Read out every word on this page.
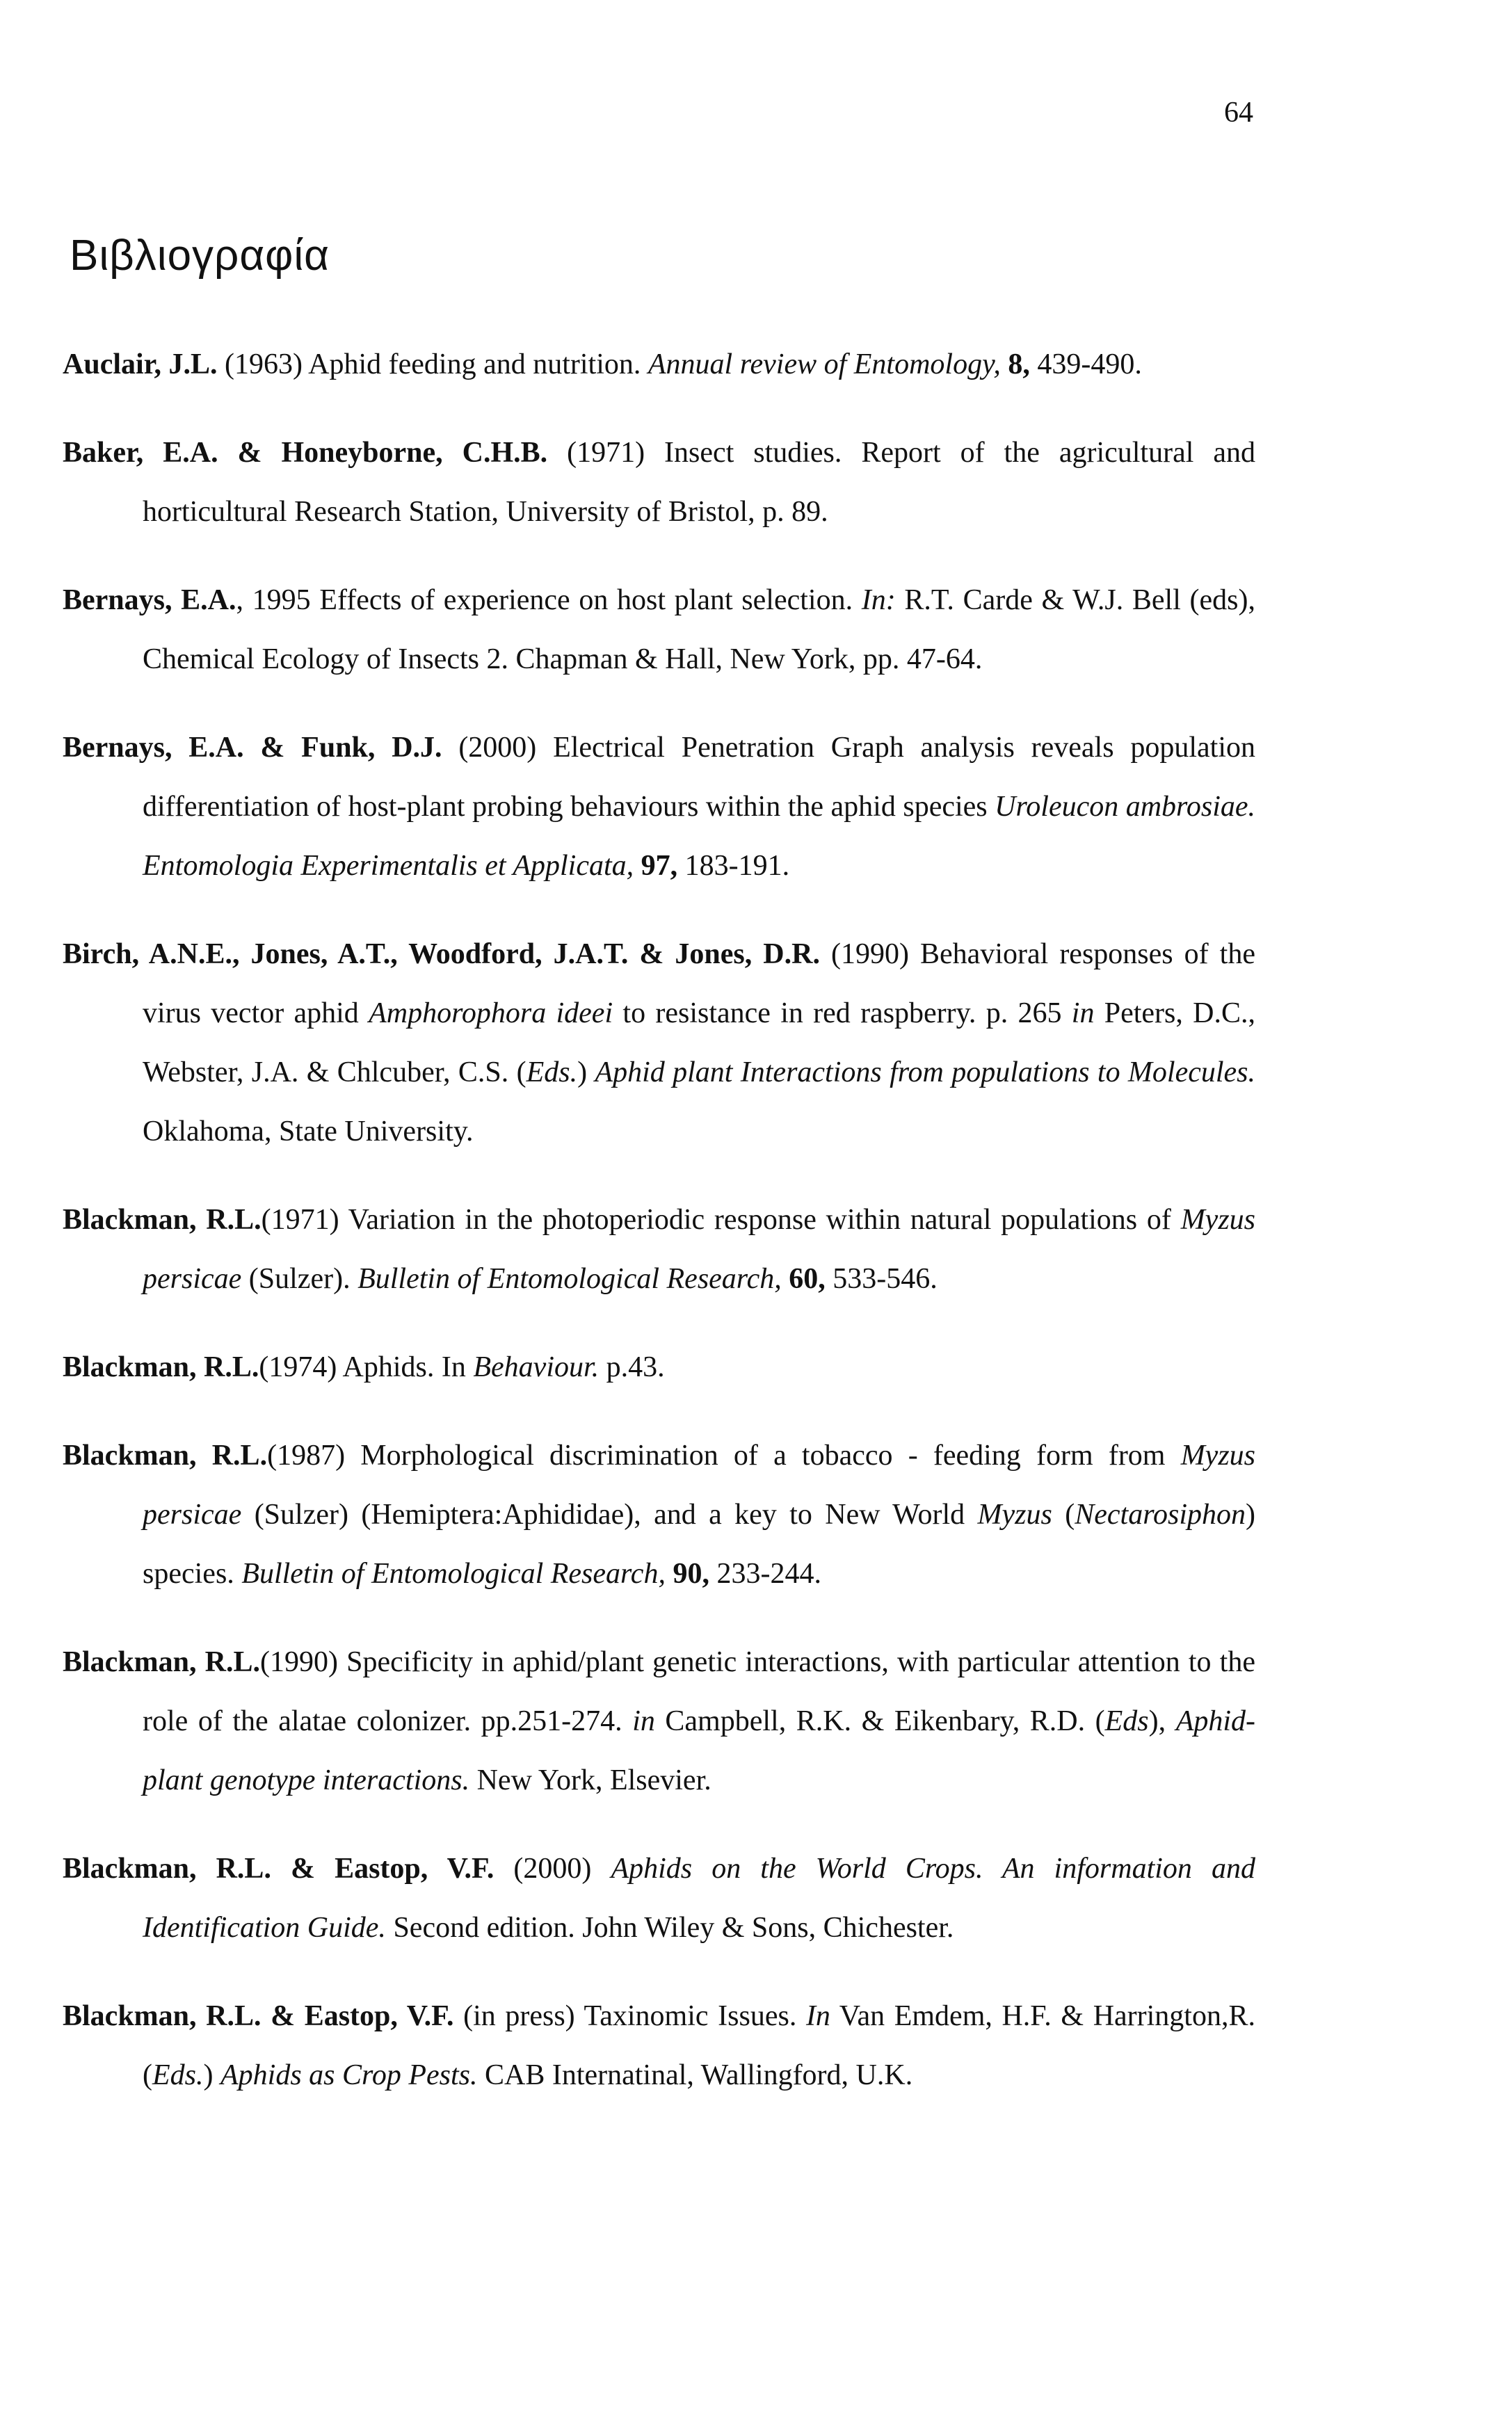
64
Βιβλιογραφία

Auclair, J.L. (1963) Aphid feeding and nutrition. Annual review of Entomology, 8, 439-490.

Baker, E.A. & Honeyborne, C.H.B. (1971) Insect studies. Report of the agricultural and horticultural Research Station, University of Bristol, p. 89.

Bernays, E.A., 1995 Effects of experience on host plant selection. In: R.T. Carde & W.J. Bell (eds), Chemical Ecology of Insects 2. Chapman & Hall, New York, pp. 47-64.

Bernays, E.A. & Funk, D.J. (2000) Electrical Penetration Graph analysis reveals population differentiation of host-plant probing behaviours within the aphid species Uroleucon ambrosiae. Entomologia Experimentalis et Applicata, 97, 183-191.

Birch, A.N.E., Jones, A.T., Woodford, J.A.T. & Jones, D.R. (1990) Behavioral responses of the virus vector aphid Amphorophora ideei to resistance in red raspberry. p. 265 in Peters, D.C., Webster, J.A. & Chlcuber, C.S. (Eds.) Aphid plant Interactions from populations to Molecules. Oklahoma, State University.

Blackman, R.L.(1971) Variation in the photoperiodic response within natural populations of Myzus persicae (Sulzer). Bulletin of Entomological Research, 60, 533-546.

Blackman, R.L.(1974) Aphids. In Behaviour. p.43.

Blackman, R.L.(1987) Morphological discrimination of a tobacco - feeding form from Myzus persicae (Sulzer) (Hemiptera:Aphididae), and a key to New World Myzus (Nectarosiphon) species. Bulletin of Entomological Research, 90, 233-244.

Blackman, R.L.(1990) Specificity in aphid/plant genetic interactions, with particular attention to the role of the alatae colonizer. pp.251-274. in Campbell, R.K. & Eikenbary, R.D. (Eds), Aphid-plant genotype interactions. New York, Elsevier.

Blackman, R.L. & Eastop, V.F. (2000) Aphids on the World Crops. An information and Identification Guide. Second edition. John Wiley & Sons, Chichester.

Blackman, R.L. & Eastop, V.F. (in press) Taxinomic Issues. In Van Emdem, H.F. & Harrington,R. (Eds.) Aphids as Crop Pests. CAB Internatinal, Wallingford, U.K.
